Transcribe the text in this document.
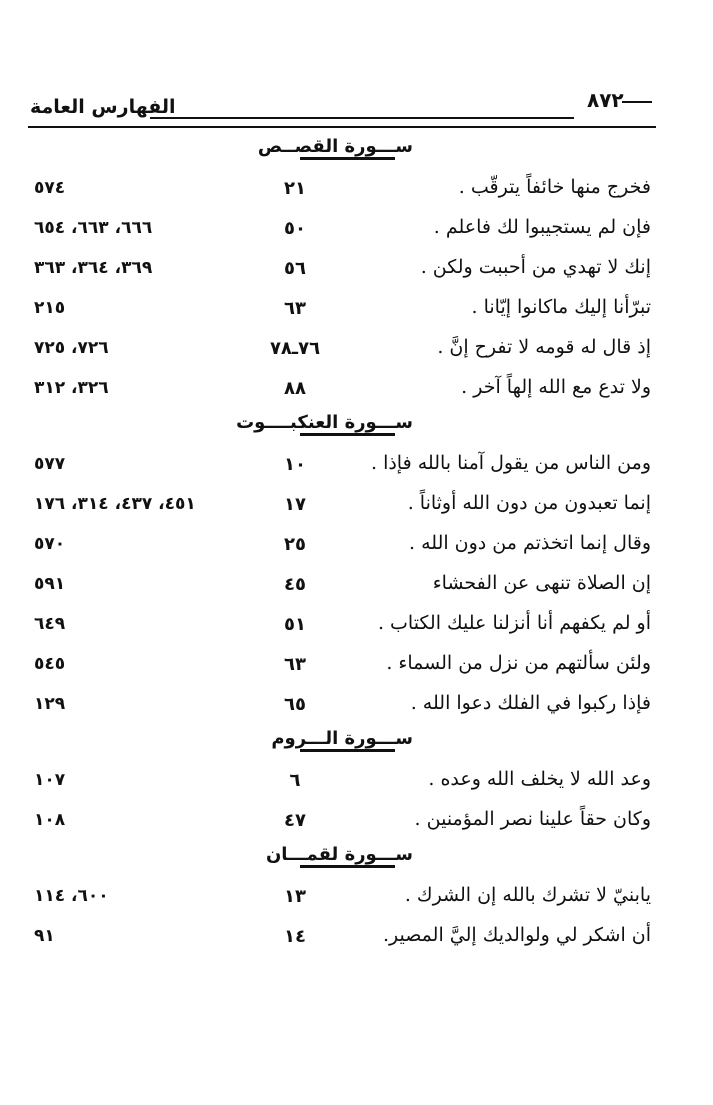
٨٧٢
الفهارس العامة
ســـورة القصــص
فخرج منها خائفاً يترقّب .
٢١
٥٧٤
فإن لم يستجيبوا لك فاعلم .
٥٠
٦٦٦، ٦٦٣، ٦٥٤
إنك لا تهدي من أحببت ولكن .
٥٦
٣٦٩، ٣٦٤، ٣٦٣
تبرّأنا إليك ماكانوا إيّانا .
٦٣
٢١٥
إذ قال له قومه لا تفرح إنَّ .
٧٦ـ٧٨
٧٢٦، ٧٢٥
ولا تدع مع الله إلهاً آخر .
٨٨
٣٢٦، ٣١٢
ســـورة العنكبــــوت
ومن الناس من يقول آمنا بالله فإذا .
١٠
٥٧٧
إنما تعبدون من دون الله أوثاناً .
١٧
٤٥١، ٤٣٧، ٣١٤، ١٧٦
وقال إنما اتخذتم من دون الله .
٢٥
٥٧٠
إن الصلاة تنهى عن الفحشاء
٤٥
٥٩١
أو لم يكفهم أنا أنزلنا عليك الكتاب .
٥١
٦٤٩
ولئن سألتهم من نزل من السماء .
٦٣
٥٤٥
فإذا ركبوا في الفلك دعوا الله .
٦٥
١٢٩
ســـورة الـــروم
وعد الله لا يخلف الله وعده .
٦
١٠٧
وكان حقاً علينا نصر المؤمنين .
٤٧
١٠٨
ســـورة لقمـــان
يابنيّ لا تشرك بالله إن الشرك .
١٣
٦٠٠، ١١٤
أن اشكر لي ولوالديك إليَّ المصير.
١٤
٩١
